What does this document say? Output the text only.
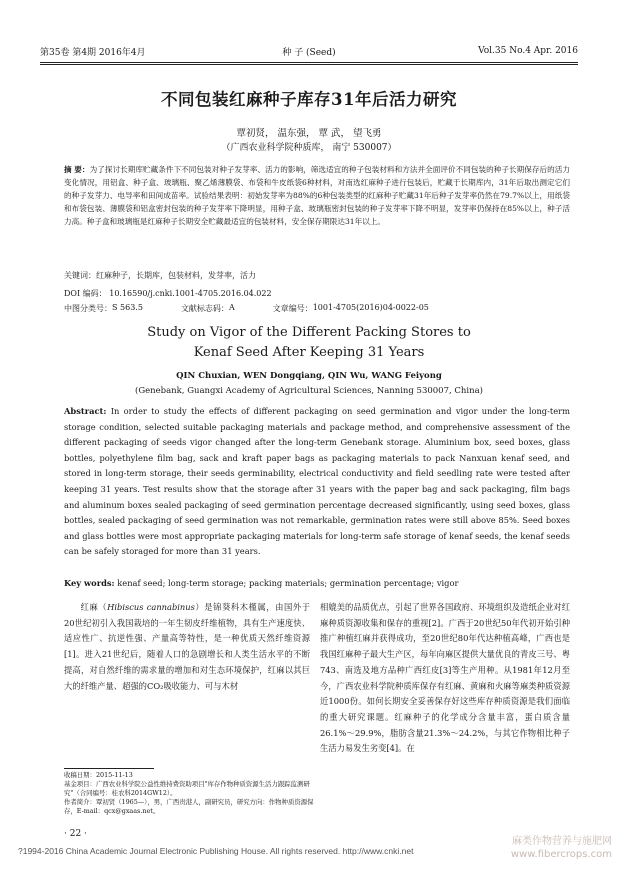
第35卷 第4期 2016年4月	种 子 (Seed)	Vol.35 No.4 Apr. 2016
不同包装红麻种子库存31年后活力研究
覃初贤， 温东强， 覃 武， 望飞勇
（广西农业科学院种质库， 南宁 530007）
摘 要：为了探讨长期库贮藏条件下不同包装对种子发芽率、活力的影响，筛选适宜的种子包装材料和方法并全面评价不同包装的种子长期保存后的活力变化情况，用铝盒、种子盒、玻璃瓶、聚乙烯薄膜袋、布袋和牛皮纸袋6种材料，对南选红麻种子进行包装后，贮藏于长期库内，31年后取出测定它们的种子发芽力、电导率和田间成苗率。试验结果表明：初始发芽率为88%的6种包装类型的红麻种子贮藏31年后种子发芽率仍然在79.7%以上，用纸袋和布袋包装、薄膜袋和铝盒密封包装的种子发芽率下降明显，用种子盒、玻璃瓶密封包装的种子发芽率下降不明显，发芽率仍保持在85%以上，种子活力高。种子盒和玻璃瓶是红麻种子长期安全贮藏最适宜的包装材料，安全保存期限达31年以上。
关键词：红麻种子，长期库，包装材料，发芽率，活力
DOI 编码： 10.16590/j.cnki.1001-4705.2016.04.022
中图分类号： S 563.5	文献标志码： A	文章编号： 1001-4705(2016)04-0022-05
Study on Vigor of the Different Packing Stores to
Kenaf Seed After Keeping 31 Years
QIN Chuxian, WEN Dongqiang, QIN Wu, WANG Feiyong
(Genebank, Guangxi Academy of Agricultural Sciences, Nanning 530007, China)
Abstract: In order to study the effects of different packaging on seed germination and vigor under the long-term storage condition, selected suitable packaging materials and package method, and comprehensive assessment of the different packaging of seeds vigor changed after the long-term Genebank storage. Aluminium box, seed boxes, glass bottles, polyethylene film bag, sack and kraft paper bags as packaging materials to pack Nanxuan kenaf seed, and stored in long-term storage, their seeds germinability, electrical conductivity and field seedling rate were tested after keeping 31 years. Test results show that the storage after 31 years with the paper bag and sack packaging, film bags and aluminum boxes sealed packaging of seed germination percentage decreased significantly, using seed boxes, glass bottles, sealed packaging of seed germination was not remarkable, germination rates were still above 85%. Seed boxes and glass bottles were most appropriate packaging materials for long-term safe storage of kenaf seeds, the kenaf seeds can be safely storaged for more than 31 years.
Key words: kenaf seed; long-term storage; packing materials; germination percentage; vigor
红麻（Hibiscus cannabinus）是锦葵科木槿属，由国外于20世纪初引入我国栽培的一年生韧皮纤维植物，具有生产速度快、适应性广、抗逆性强、产量高等特性，是一种优质天然纤维资源[1]。进入21世纪后，随着人口的急剧增长和人类生活水平的不断提高，对自然纤维的需求量的增加和对生态环境保护，红麻以其巨大的纤维产量、超强的CO₂吸收能力、可与木材
相媲美的品质优点，引起了世界各国政府、环境组织及造纸企业对红麻种质资源收集和保存的重视[2]。广西于20世纪50年代初开始引种推广种植红麻并获得成功，至20世纪80年代达种植高峰，广西也是我国红麻种子最大生产区，每年向麻区提供大量优良的青皮三号、粤743、南选及地方品种广西红皮[3]等生产用种。从1981年12月至今，广西农业科学院种质库保存有红麻、黄麻和火麻等麻类种质资源近1000份。如何长期安全妥善保存好这些库存种质资源是我们面临的重大研究课题。红麻种子的化学成分含量丰富，蛋白质含量26.1%～29.9%，脂肪含量21.3%～24.2%，与其它作物相比种子生活力易发生劣变[4]。在
收稿日期：2015-11-13
基金项目：广西农业科学院公益性维持费资助项目"库存作物种质资源生活力跟踪监测研究"（合同编号：桂农科2014GW12）。
作者简介：覃初贤（1965—），男，广西贵港人，副研究员，研究方向：作物种质资源保存，E-mail：qcx@gxaas.net。
· 22 ·
?1994-2016 China Academic Journal Electronic Publishing House. All rights reserved. http://www.cnki.net
麻类作物营养与施肥网
www.fibercrops.com
